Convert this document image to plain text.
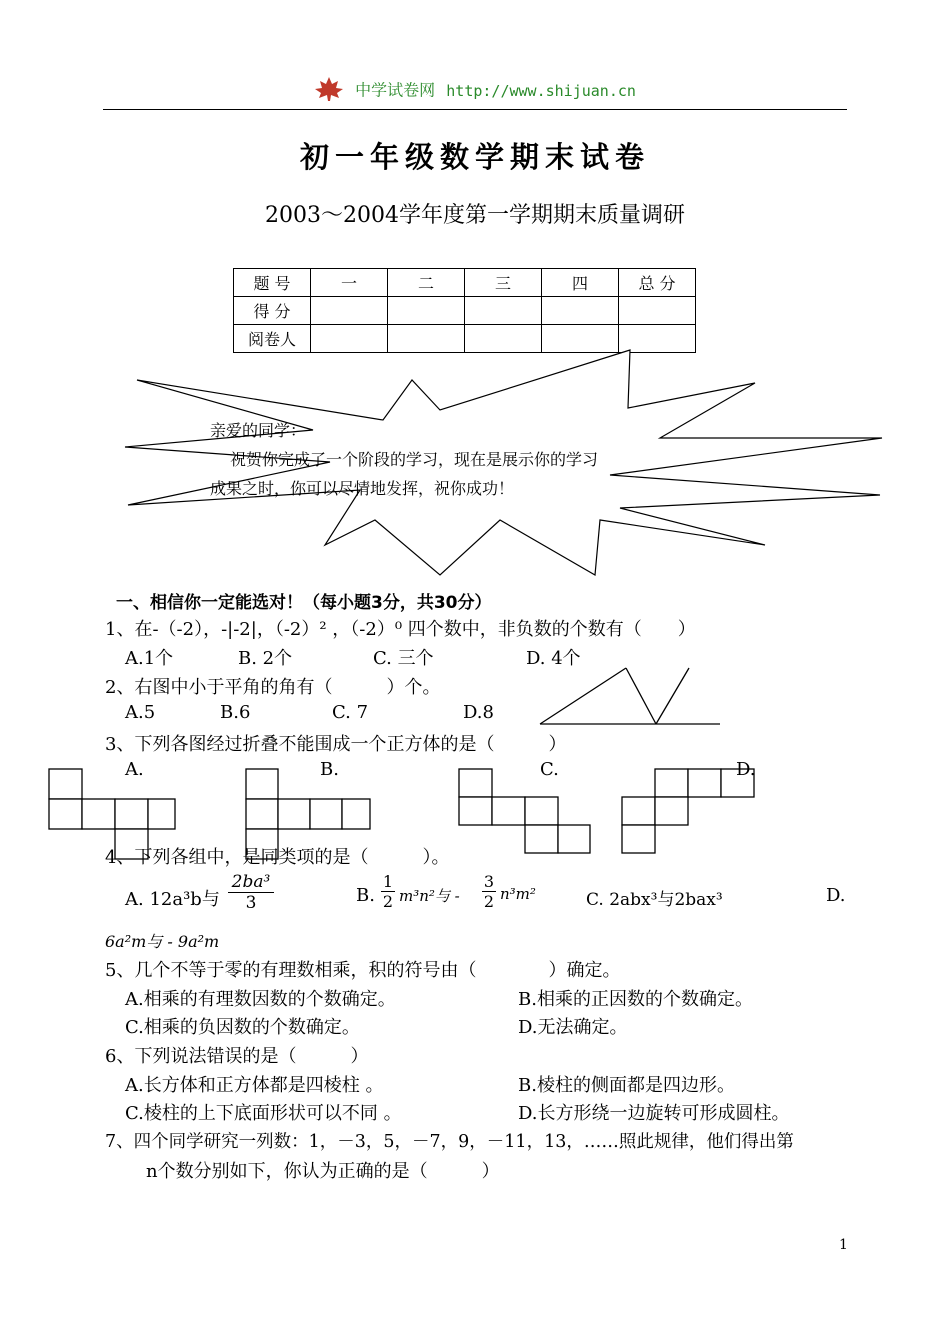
中学试卷网 http://www.shijuan.cn
初一年级数学期末试卷
2003～2004学年度第一学期期末质量调研
题 号	一	二	三	四	总 分
得 分					
阅卷人					
亲爱的同学：
祝贺你完成了一个阶段的学习，现在是展示你的学习
成果之时，你可以尽情地发挥，祝你成功！
一、相信你一定能选对！（每小题3分，共30分）
1、在-（-2），-|-2|，（-2）² ，（-2）⁰ 四个数中，非负数的个数有（　　）
A.1个	B. 2个	C. 三个	D. 4个
2、右图中小于平角的角有（　　　）个。
A.5	B.6	C. 7	D.8
3、下列各图经过折叠不能围成一个正方体的是（　　　）
A.	B.	C.	D.
4、下列各组中，是同类项的是（　　　）。
A. 12a³b与 $\frac{\text{2ba³}}{3}$	B. $\frac{1}{2} m^3n^2$与 - $\frac{3}{2} n^3m^2$	C. 2abx³与2bax³	D.
6a²m与 - 9a²m
5、几个不等于零的有理数相乘，积的符号由（　　　　）确定。
A.相乘的有理数因数的个数确定。	B.相乘的正因数的个数确定。
C.相乘的负因数的个数确定。	D.无法确定。
6、下列说法错误的是（　　　）
A.长方体和正方体都是四棱柱 。	B.棱柱的侧面都是四边形。
C.棱柱的上下底面形状可以不同 。	D.长方形绕一边旋转可形成圆柱。
7、四个同学研究一列数：1，－3，5，－7，9，－11，13，……照此规律，他们得出第
n个数分别如下，你认为正确的是（　　　）
1
